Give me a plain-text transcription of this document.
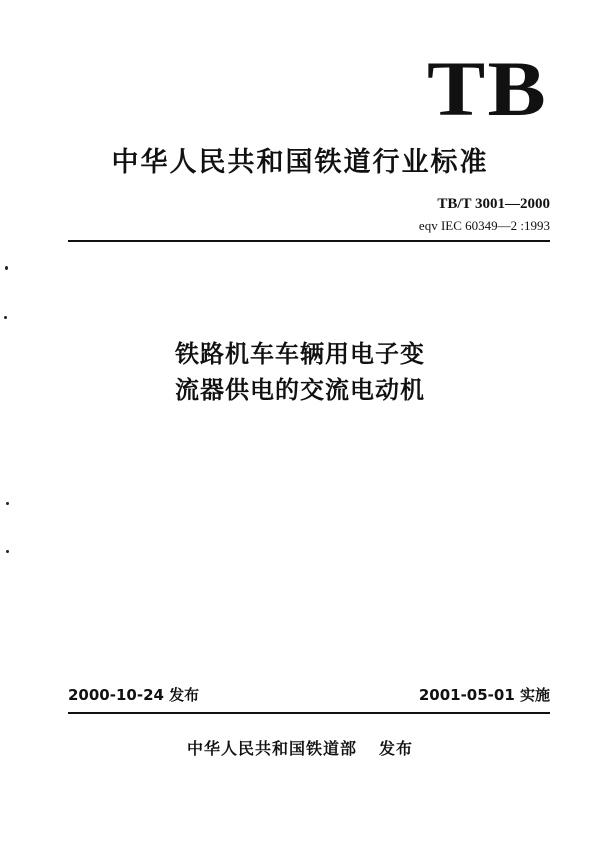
TB
中华人民共和国铁道行业标准
TB/T 3001—2000
eqv IEC 60349—2 :1993
铁路机车车辆用电子变
流器供电的交流电动机
2000-10-24 发布	2001-05-01 实施
中华人民共和国铁道部 发布
